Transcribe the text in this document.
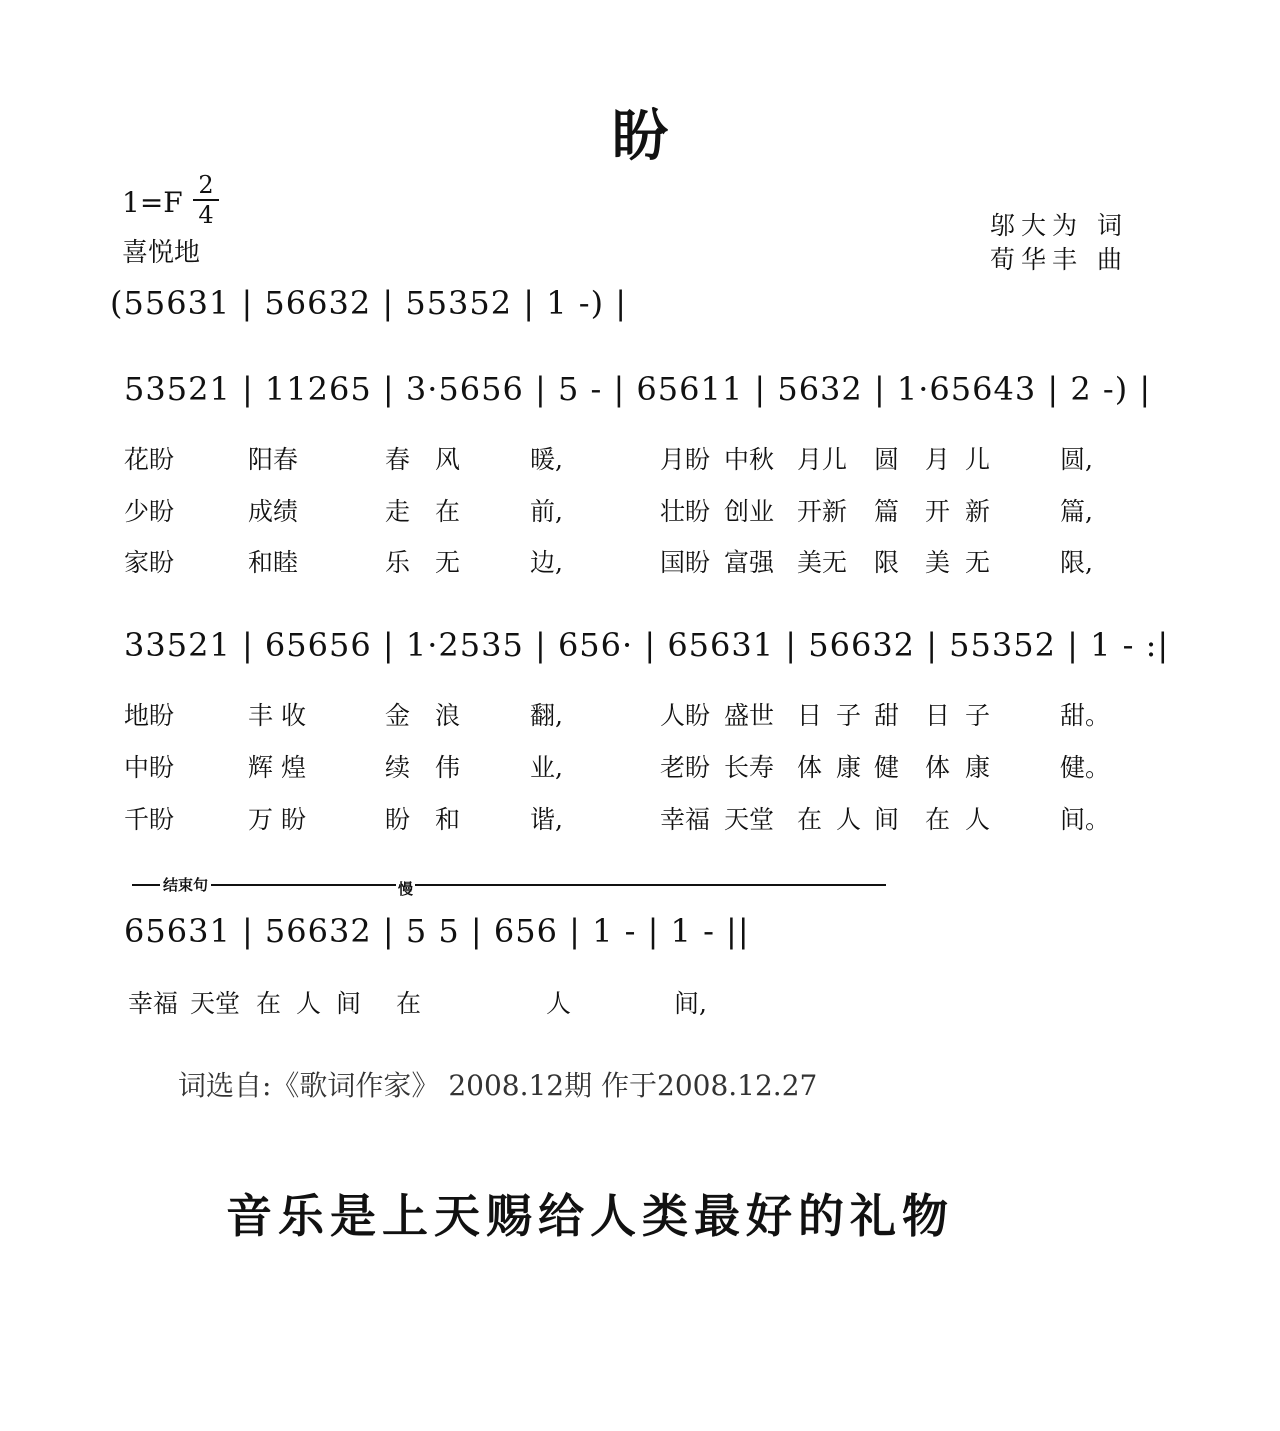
盼
$1=F \frac{2}{4}$
喜悦地
邬大为 词
荀华丰 曲
(55631 | 56632 | 55352 | 1 -) |
53521 | 11265 | 3·5656 | 5 - | 65611 | 5632 | 1·65643 | 2 -) |
花盼	阳春	春 风	暖,	月盼 中秋 月儿 圆 月 儿	圆,
少盼	成绩	走 在	前,	壮盼 创业 开新 篇 开 新	篇,
家盼	和睦	乐 无	边,	国盼 富强 美无 限 美 无	限,
33521 | 65656 | 1·2535 | 656· | 65631 | 56632 | 55352 | 1 - :|
地盼	丰 收	金 浪	翻,	人盼 盛世 日 子 甜 日 子	甜。
中盼	辉 煌	续 伟	业,	老盼 长寿 体 康 健 体 康	健。
千盼	万 盼	盼 和	谐,	幸福 天堂 在 人 间 在 人	间。
结束句	慢
65631 | 56632 | 5 5 | 656 | 1 - | 1 - ||
幸福 天堂 在 人 间 在	人	间,
词选自:《歌词作家》 2008.12期 作于2008.12.27
音乐是上天赐给人类最好的礼物
